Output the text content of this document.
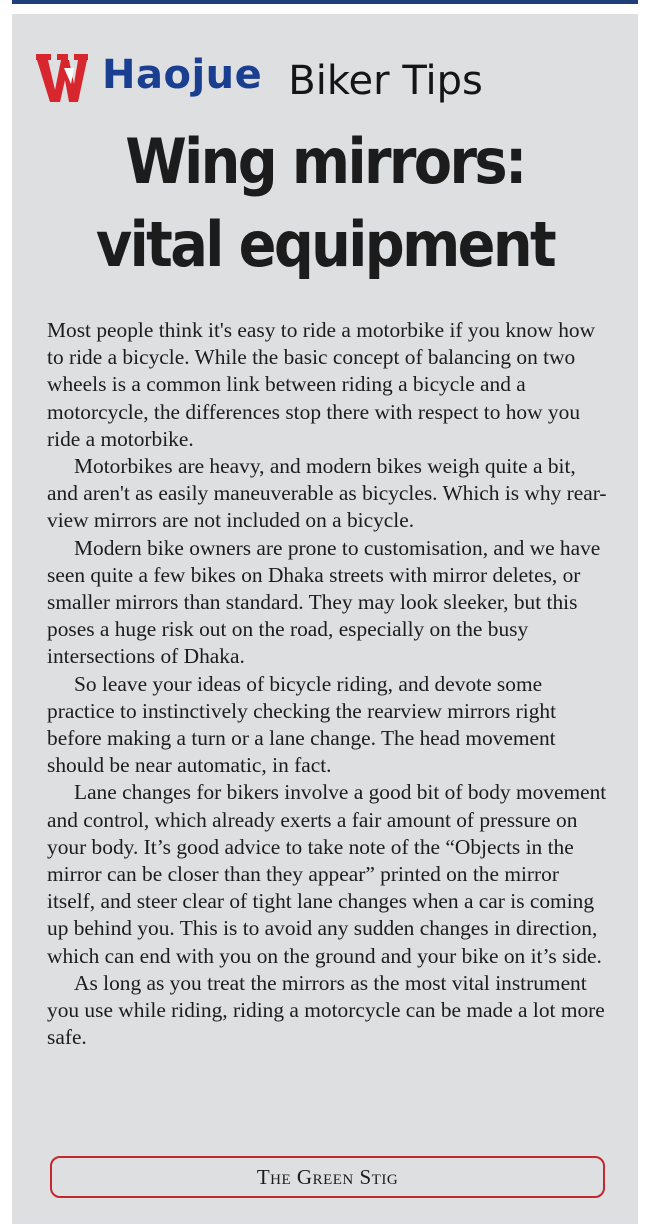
Haojue Biker Tips
Wing mirrors:
vital equipment

Most people think it's easy to ride a motorbike if you know how to ride a bicycle. While the basic concept of balancing on two wheels is a common link between riding a bicycle and a motorcycle, the differences stop there with respect to how you ride a motorbike.

Motorbikes are heavy, and modern bikes weigh quite a bit, and aren't as easily maneuverable as bicycles. Which is why rear-view mirrors are not included on a bicycle.

Modern bike owners are prone to customisation, and we have seen quite a few bikes on Dhaka streets with mirror deletes, or smaller mirrors than standard. They may look sleeker, but this poses a huge risk out on the road, especially on the busy intersections of Dhaka.

So leave your ideas of bicycle riding, and devote some practice to instinctively checking the rearview mirrors right before making a turn or a lane change. The head movement should be near automatic, in fact.

Lane changes for bikers involve a good bit of body movement and control, which already exerts a fair amount of pressure on your body. It’s good advice to take note of the “Objects in the mirror can be closer than they appear” printed on the mirror itself, and steer clear of tight lane changes when a car is coming up behind you. This is to avoid any sudden changes in direction, which can end with you on the ground and your bike on it’s side.

As long as you treat the mirrors as the most vital instrument you use while riding, riding a motorcycle can be made a lot more safe.

The Green Stig
